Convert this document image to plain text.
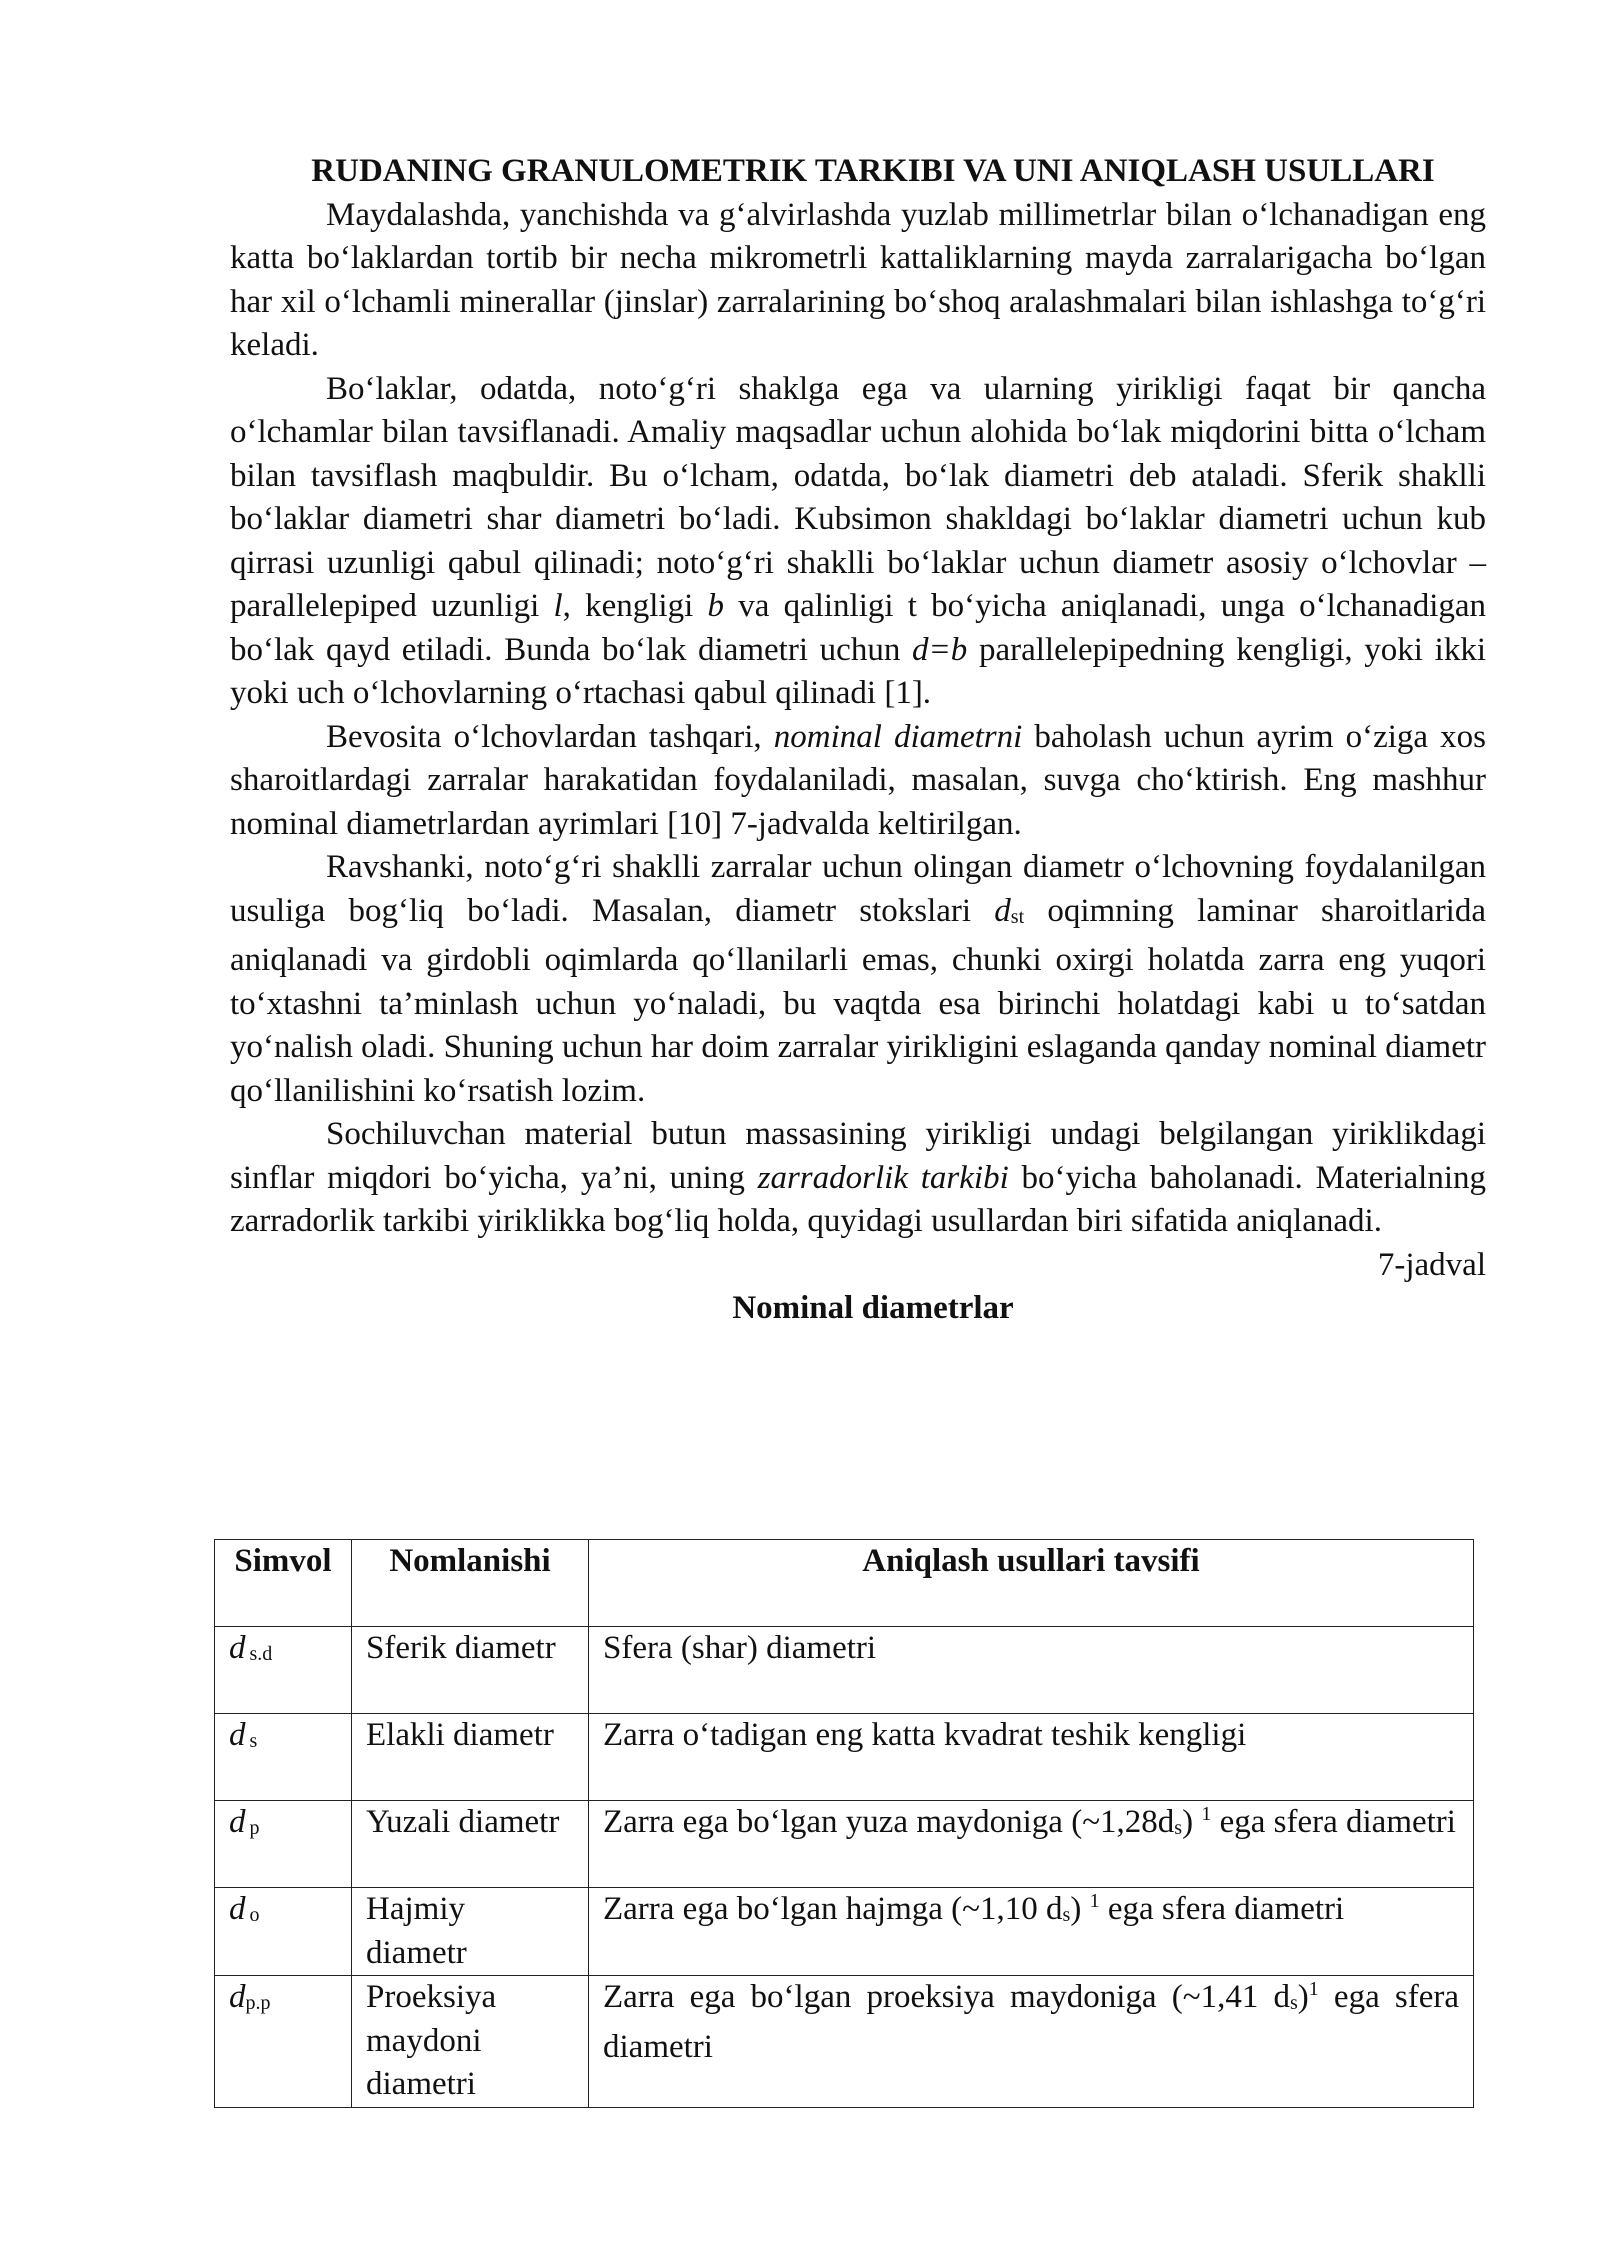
RUDANING GRANULOMETRIK TARKIBI VA UNI ANIQLASH USULLARI

Maydalashda, yanchishda va g‘alvirlashda yuzlab millimetrlar bilan o‘lchanadigan eng katta bo‘laklardan tortib bir necha mikrometrli kattaliklarning mayda zarralarigacha bo‘lgan har xil o‘lchamli minerallar (jinslar) zarralarining bo‘shoq aralashmalari bilan ishlashga to‘g‘ri keladi.

Bo‘laklar, odatda, noto‘g‘ri shaklga ega va ularning yirikligi faqat bir qancha o‘lchamlar bilan tavsiflanadi. Amaliy maqsadlar uchun alohida bo‘lak miqdorini bitta o‘lcham bilan tavsiflash maqbuldir. Bu o‘lcham, odatda, bo‘lak diametri deb ataladi. Sferik shaklli bo‘laklar diametri shar diametri bo‘ladi. Kubsimon shakldagi bo‘laklar diametri uchun kub qirrasi uzunligi qabul qilinadi; noto‘g‘ri shaklli bo‘laklar uchun diametr asosiy o‘lchovlar – parallelepiped uzunligi l, kengligi b va qalinligi t bo‘yicha aniqlanadi, unga o‘lchanadigan bo‘lak qayd etiladi. Bunda bo‘lak diametri uchun d=b parallelepipedning kengligi, yoki ikki yoki uch o‘lchovlarning o‘rtachasi qabul qilinadi [1].

Bevosita o‘lchovlardan tashqari, nominal diametrni baholash uchun ayrim o‘ziga xos sharoitlardagi zarralar harakatidan foydalaniladi, masalan, suvga cho‘ktirish. Eng mashhur nominal diametrlardan ayrimlari [10] 7-jadvalda keltirilgan.

Ravshanki, noto‘g‘ri shaklli zarralar uchun olingan diametr o‘lchovning foydalanilgan usuliga bog‘liq bo‘ladi. Masalan, diametr stokslari dst oqimning laminar sharoitlarida aniqlanadi va girdobli oqimlarda qo‘llanilarli emas, chunki oxirgi holatda zarra eng yuqori to‘xtashni ta’minlash uchun yo‘naladi, bu vaqtda esa birinchi holatdagi kabi u to‘satdan yo‘nalish oladi. Shuning uchun har doim zarralar yirikligini eslaganda qanday nominal diametr qo‘llanilishini ko‘rsatish lozim.

Sochiluvchan material butun massasining yirikligi undagi belgilangan yiriklikdagi sinflar miqdori bo‘yicha, ya’ni, uning zarradorlik tarkibi bo‘yicha baholanadi. Materialning zarradorlik tarkibi yiriklikka bog‘liq holda, quyidagi usullardan biri sifatida aniqlanadi.

7-jadval

Nominal diametrlar

Simvol	Nomlanishi	Aniqlash usullari tavsifi
d s.d	Sferik diametr	Sfera (shar) diametri
d s	Elakli diametr	Zarra o‘tadigan eng katta kvadrat teshik kengligi
d p	Yuzali diametr	Zarra ega bo‘lgan yuza maydoniga (~1,28ds) $^1$ ega sfera diametri
d o	Hajmiy diametr	Zarra ega bo‘lgan hajmga (~1,10 ds) $^1$ ega sfera diametri
dp.p	Proeksiya maydoni diametri	Zarra ega bo‘lgan proeksiya maydoniga (~1,41 ds)$^1$ ega sfera diametri
